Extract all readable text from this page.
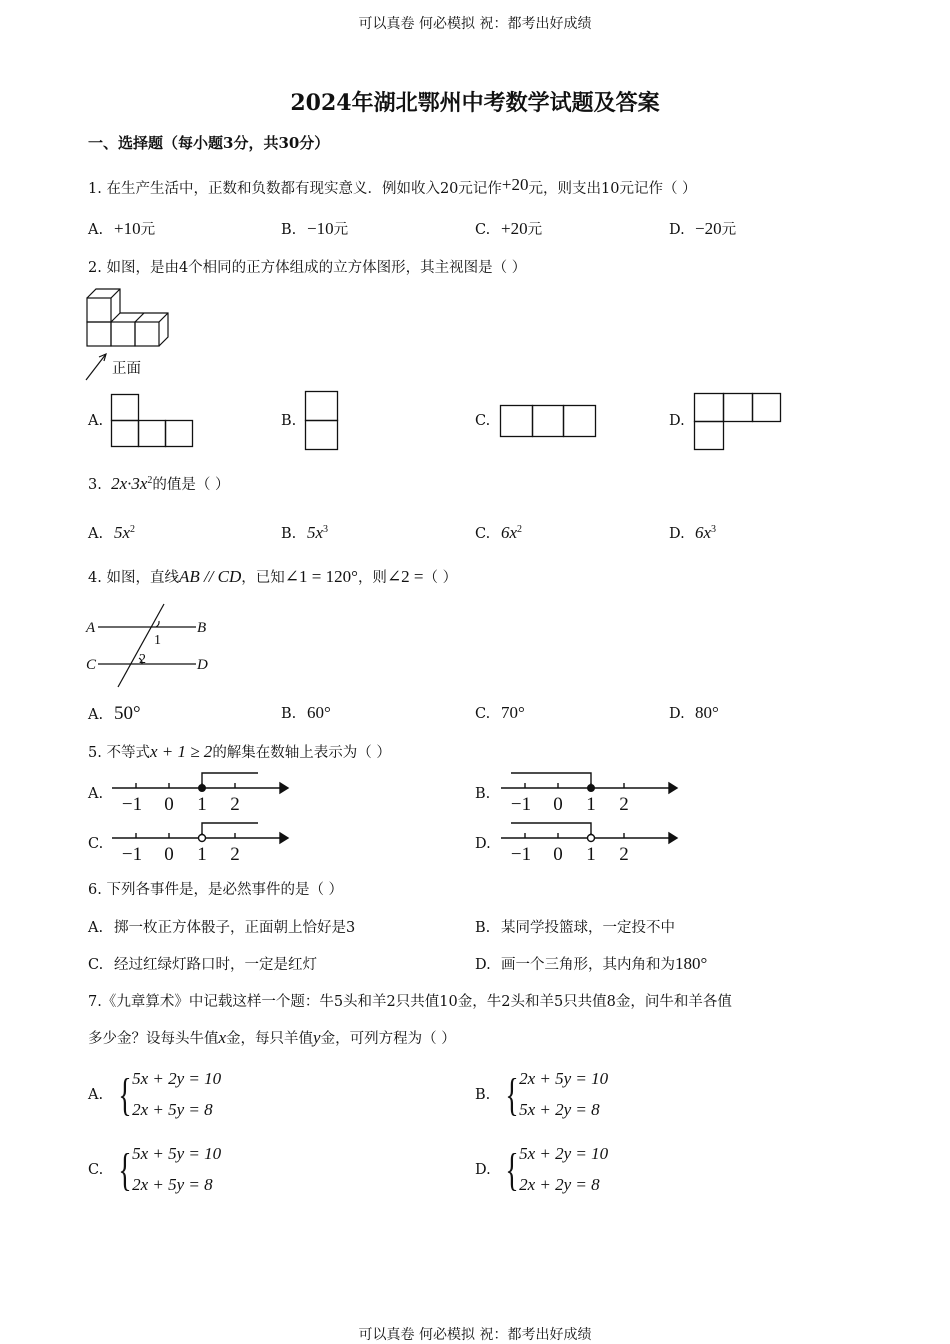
可以真卷 何必模拟 祝：都考出好成绩
2024年湖北鄂州中考数学试题及答案
一、选择题（每小题3分，共30分）
1. 在生产生活中，正数和负数都有现实意义．例如收入20元记作+20元，则支出10元记作（ ）
A. +10元	B. −10元	C. +20元	D. −20元
2. 如图，是由4个相同的正方体组成的立方体图形，其主视图是（ ）
正面
A.	B.	C.	D.
3. $2x\cdot 3x^2$的值是（ ）
A. $5x^2$	B. $5x^3$	C. $6x^2$	D. $6x^3$
4. 如图，直线AB // CD，已知∠1 = 120°，则∠2 =（ ）
A	B
C	D
1
2
A. 50°	B. 60°	C. 70°	D. 80°
5. 不等式x + 1 ≥ 2的解集在数轴上表示为（ ）
A.	B.
C.	D.
−1 0 1 2	−1 0 1 2
−1 0 1 2	−1 0 1 2
6. 下列各事件是，是必然事件的是（ ）
A. 掷一枚正方体骰子，正面朝上恰好是3	B. 某同学投篮球，一定投不中
C. 经过红绿灯路口时，一定是红灯	D. 画一个三角形，其内角和为180°
7.《九章算术》中记载这样一个题：牛5头和羊2只共值10金，牛2头和羊5只共值8金，问牛和羊各值
多少金？设每头牛值x金，每只羊值y金，可列方程为（ ）
A. {5x + 2y = 10
2x + 5y = 8
B. {2x + 5y = 10
5x + 2y = 8
C. {5x + 5y = 10
2x + 5y = 8
D. {5x + 2y = 10
2x + 2y = 8
可以真卷 何必模拟 祝：都考出好成绩
